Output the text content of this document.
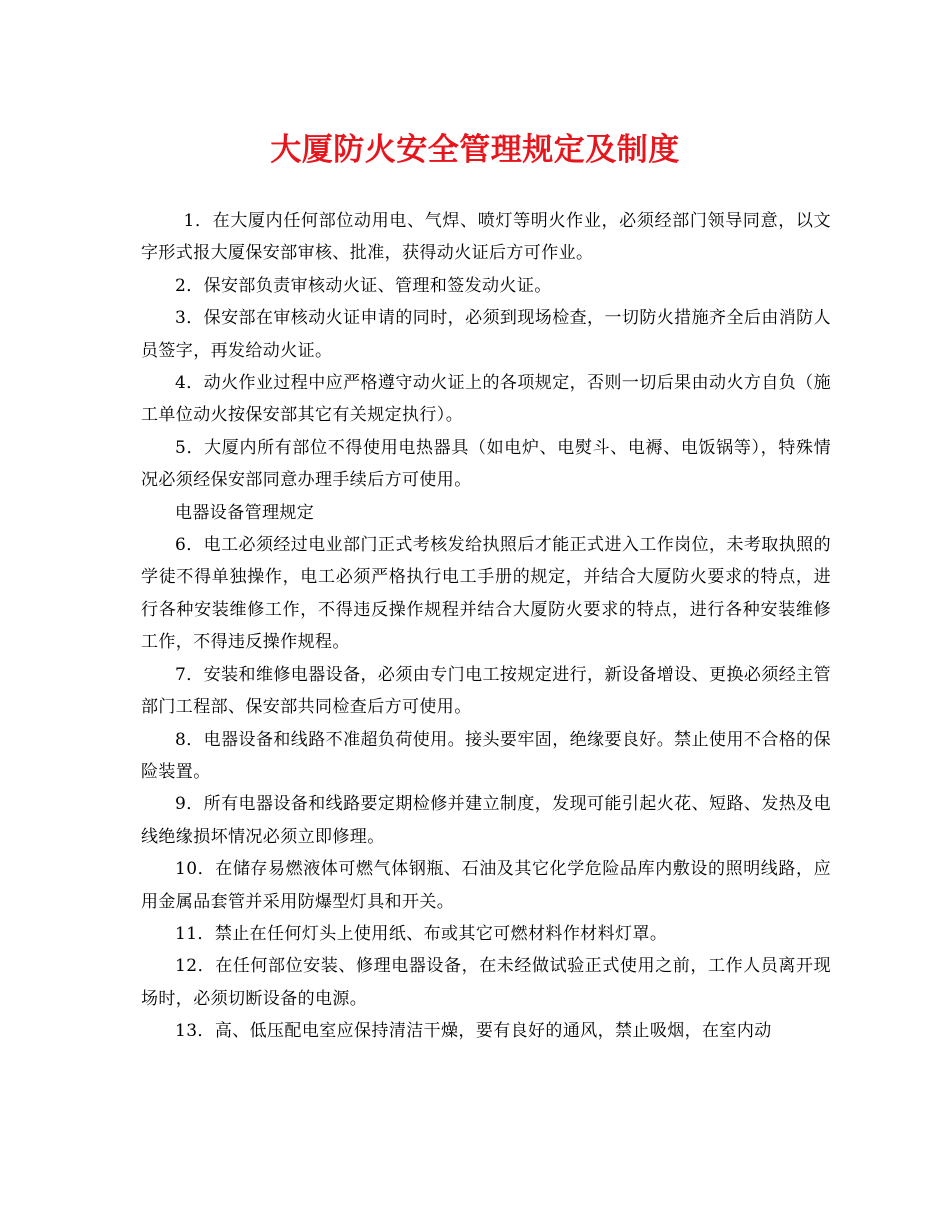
大厦防火安全管理规定及制度

1．在大厦内任何部位动用电、气焊、喷灯等明火作业，必须经部门领导同意，以文字形式报大厦保安部审核、批准，获得动火证后方可作业。

2．保安部负责审核动火证、管理和签发动火证。

3．保安部在审核动火证申请的同时，必须到现场检查，一切防火措施齐全后由消防人员签字，再发给动火证。

4．动火作业过程中应严格遵守动火证上的各项规定，否则一切后果由动火方自负（施工单位动火按保安部其它有关规定执行）。

5．大厦内所有部位不得使用电热器具（如电炉、电熨斗、电褥、电饭锅等），特殊情况必须经保安部同意办理手续后方可使用。

电器设备管理规定

6．电工必须经过电业部门正式考核发给执照后才能正式进入工作岗位，未考取执照的学徒不得单独操作，电工必须严格执行电工手册的规定，并结合大厦防火要求的特点，进行各种安装维修工作，不得违反操作规程并结合大厦防火要求的特点，进行各种安装维修工作，不得违反操作规程。

7．安装和维修电器设备，必须由专门电工按规定进行，新设备增设、更换必须经主管部门工程部、保安部共同检查后方可使用。

8．电器设备和线路不准超负荷使用。接头要牢固，绝缘要良好。禁止使用不合格的保险装置。

9．所有电器设备和线路要定期检修并建立制度，发现可能引起火花、短路、发热及电线绝缘损坏情况必须立即修理。

10．在储存易燃液体可燃气体钢瓶、石油及其它化学危险品库内敷设的照明线路，应用金属品套管并采用防爆型灯具和开关。

11．禁止在任何灯头上使用纸、布或其它可燃材料作材料灯罩。

12．在任何部位安装、修理电器设备，在未经做试验正式使用之前，工作人员离开现场时，必须切断设备的电源。

13．高、低压配电室应保持清洁干燥，要有良好的通风，禁止吸烟，在室内动
